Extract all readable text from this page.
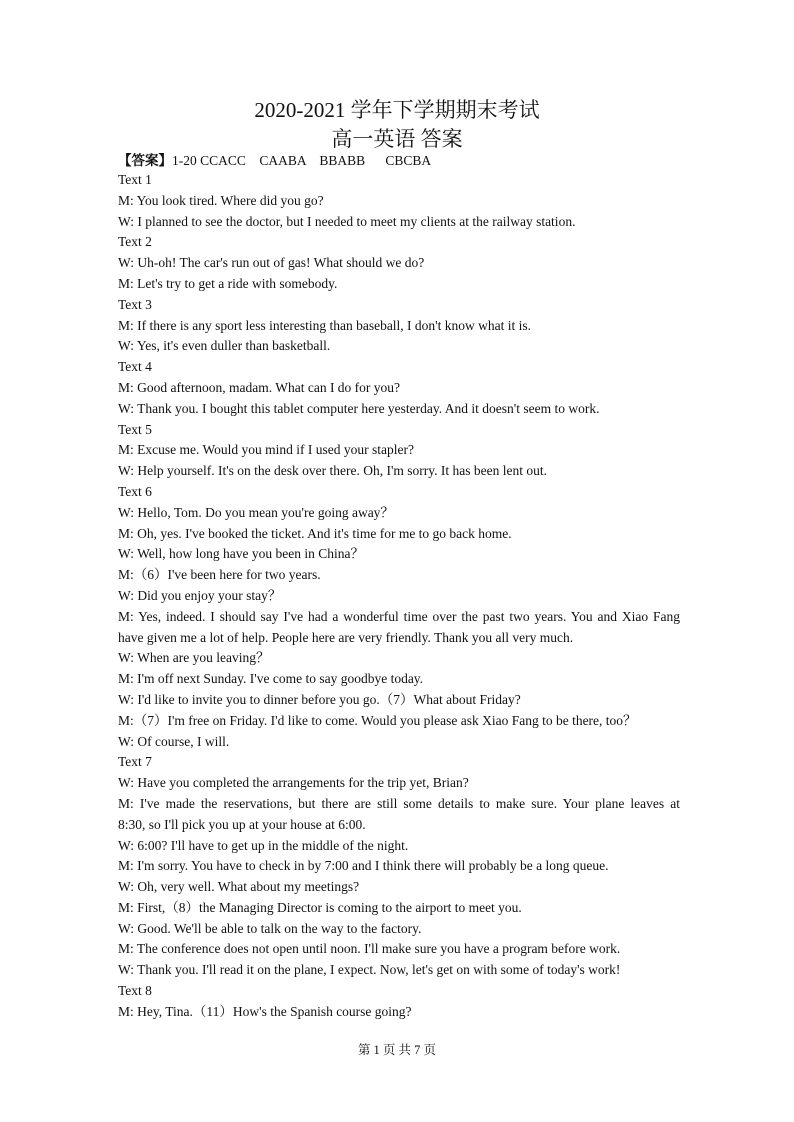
2020-2021 学年下学期期末考试
高一英语 答案

【答案】1-20 CCACC    CAABA    BBABB      CBCBA

Text 1
M: You look tired. Where did you go?
W: I planned to see the doctor, but I needed to meet my clients at the railway station.
Text 2
W: Uh-oh! The car's run out of gas! What should we do?
M: Let's try to get a ride with somebody.
Text 3
M: If there is any sport less interesting than baseball, I don't know what it is.
W: Yes, it's even duller than basketball.
Text 4
M: Good afternoon, madam. What can I do for you?
W: Thank you. I bought this tablet computer here yesterday. And it doesn't seem to work.
Text 5
M: Excuse me. Would you mind if I used your stapler?
W: Help yourself. It's on the desk over there. Oh, I'm sorry. It has been lent out.
Text 6
W: Hello, Tom. Do you mean you're going away？
M: Oh, yes. I've booked the ticket. And it's time for me to go back home.
W: Well, how long have you been in China？
M:（6）I've been here for two years.
W: Did you enjoy your stay？
M: Yes, indeed. I should say I've had a wonderful time over the past two years. You and Xiao Fang
have given me a lot of help. People here are very friendly. Thank you all very much.
W: When are you leaving？
M: I'm off next Sunday. I've come to say goodbye today.
W: I'd like to invite you to dinner before you go.（7）What about Friday?
M:（7）I'm free on Friday. I'd like to come. Would you please ask Xiao Fang to be there, too？
W: Of course, I will.
Text 7
W: Have you completed the arrangements for the trip yet, Brian?
M: I've made the reservations, but there are still some details to make sure. Your plane leaves at
8:30, so I'll pick you up at your house at 6:00.
W: 6:00? I'll have to get up in the middle of the night.
M: I'm sorry. You have to check in by 7:00 and I think there will probably be a long queue.
W: Oh, very well. What about my meetings?
M: First,（8）the Managing Director is coming to the airport to meet you.
W: Good. We'll be able to talk on the way to the factory.
M: The conference does not open until noon. I'll make sure you have a program before work.
W: Thank you. I'll read it on the plane, I expect. Now, let's get on with some of today's work!
Text 8
M: Hey, Tina.（11）How's the Spanish course going?
第 1 页 共 7 页
